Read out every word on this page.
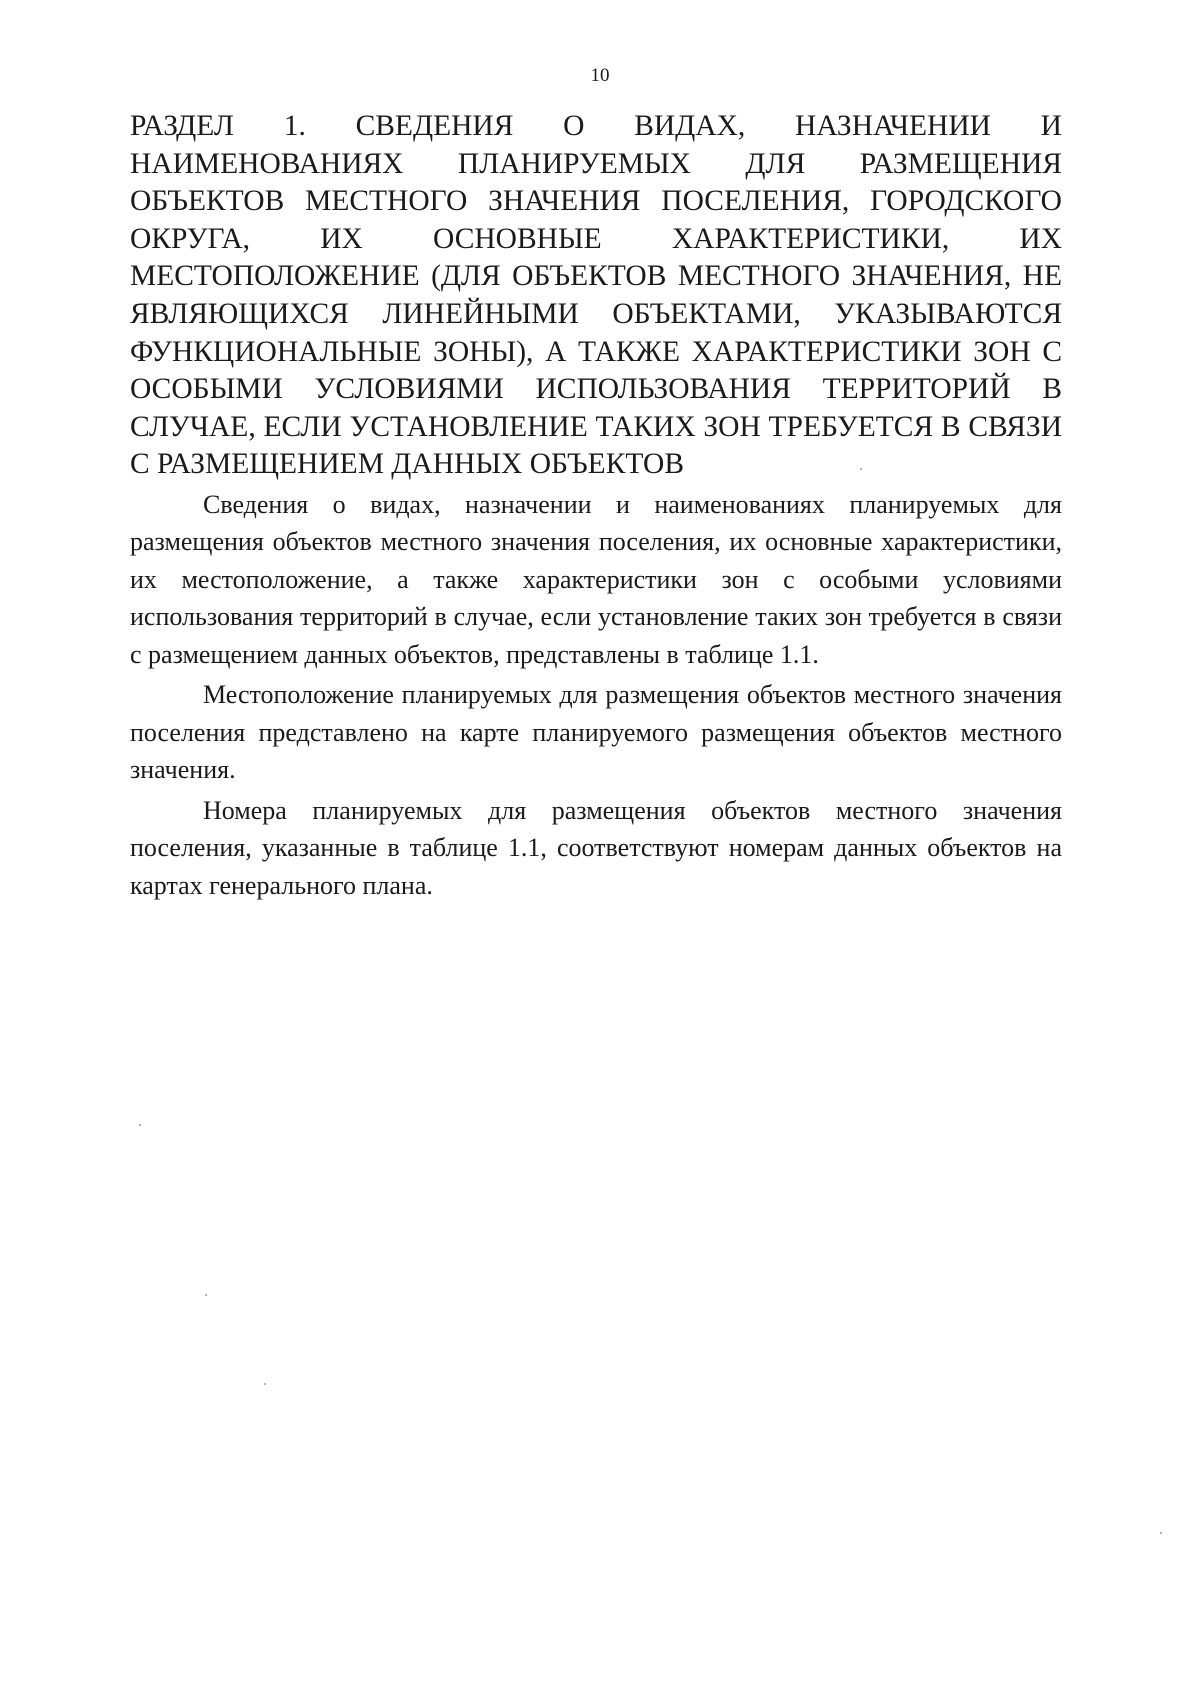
10
РАЗДЕЛ 1. СВЕДЕНИЯ О ВИДАХ, НАЗНАЧЕНИИ И НАИМЕНОВАНИЯХ ПЛАНИРУЕМЫХ ДЛЯ РАЗМЕЩЕНИЯ ОБЪЕКТОВ МЕСТНОГО ЗНАЧЕНИЯ ПОСЕЛЕНИЯ, ГОРОДСКОГО ОКРУГА, ИХ ОСНОВНЫЕ ХАРАКТЕРИСТИКИ, ИХ МЕСТОПОЛОЖЕНИЕ (ДЛЯ ОБЪЕКТОВ МЕСТНОГО ЗНАЧЕНИЯ, НЕ ЯВЛЯЮЩИХСЯ ЛИНЕЙНЫМИ ОБЪЕКТАМИ, УКАЗЫВАЮТСЯ ФУНКЦИОНАЛЬНЫЕ ЗОНЫ), А ТАКЖЕ ХАРАКТЕРИСТИКИ ЗОН С ОСОБЫМИ УСЛОВИЯМИ ИСПОЛЬЗОВАНИЯ ТЕРРИТОРИЙ В СЛУЧАЕ, ЕСЛИ УСТАНОВЛЕНИЕ ТАКИХ ЗОН ТРЕБУЕТСЯ В СВЯЗИ С РАЗМЕЩЕНИЕМ ДАННЫХ ОБЪЕКТОВ

Сведения о видах, назначении и наименованиях планируемых для размещения объектов местного значения поселения, их основные характеристики, их местоположение, а также характеристики зон с особыми условиями использования территорий в случае, если установление таких зон требуется в связи с размещением данных объектов, представлены в таблице 1.1.

Местоположение планируемых для размещения объектов местного значения поселения представлено на карте планируемого размещения объектов местного значения.

Номера планируемых для размещения объектов местного значения поселения, указанные в таблице 1.1, соответствуют номерам данных объектов на картах генерального плана.
